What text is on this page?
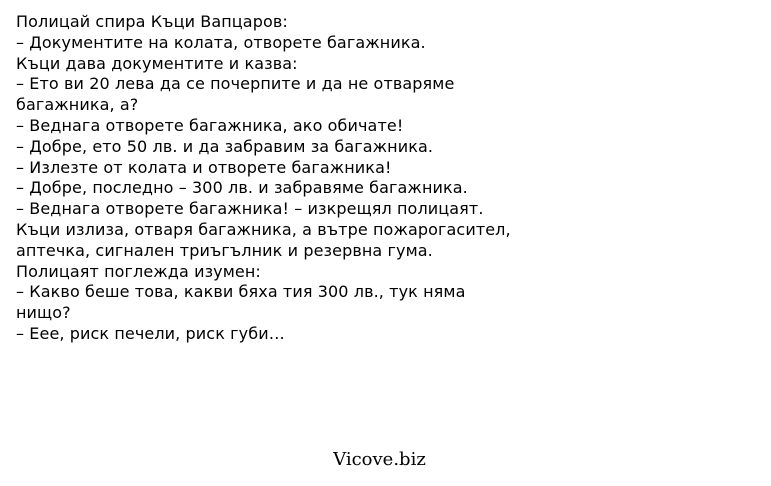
Полицай спира Къци Вапцаров:
– Документите на колата, отворете багажника.
Къци дава документите и казва:
– Ето ви 20 лева да се почерпите и да не отваряме
багажника, а?
– Веднага отворете багажника, ако обичате!
– Добре, ето 50 лв. и да забравим за багажника.
– Излезте от колата и отворете багажника!
– Добре, последно – 300 лв. и забравяме багажника.
– Веднага отворете багажника! – изкрещял полицаят.
Къци излиза, отваря багажника, а вътре пожарогасител,
аптечка, сигнален триъгълник и резервна гума.
Полицаят поглежда изумен:
– Какво беше това, какви бяха тия 300 лв., тук няма
нищо?
– Еее, риск печели, риск губи…
Vicove.biz
